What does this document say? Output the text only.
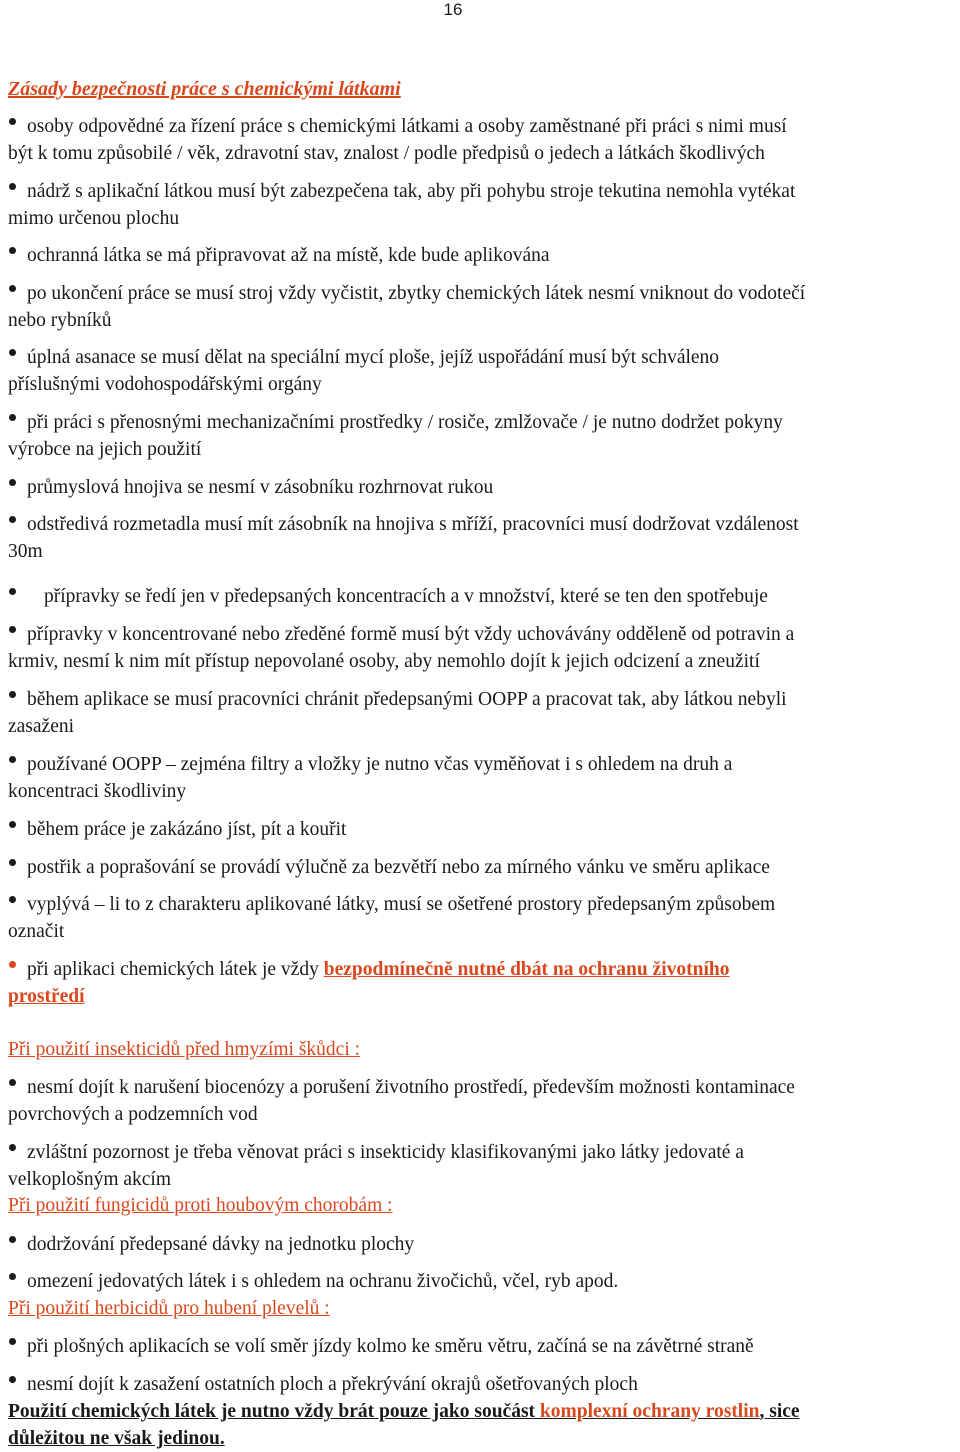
16
Zásady bezpečnosti práce s chemickými látkami
osoby odpovědné za řízení práce s chemickými látkami a osoby zaměstnané při práci s nimi musí
být k tomu způsobilé / věk, zdravotní stav, znalost / podle předpisů o jedech a látkách škodlivých
nádrž s aplikační látkou musí být zabezpečena tak, aby při pohybu stroje tekutina nemohla vytékat
mimo určenou plochu
ochranná látka se má připravovat až na místě, kde bude aplikována
po ukončení práce se musí stroj vždy vyčistit, zbytky chemických látek nesmí vniknout do vodotečí
nebo rybníků
úplná asanace se musí dělat na speciální mycí ploše, jejíž uspořádání musí být schváleno
příslušnými vodohospodářskými orgány
při práci s přenosnými mechanizačními prostředky / rosiče, zmlžovače / je nutno dodržet pokyny
výrobce na jejich použití
průmyslová hnojiva se nesmí v zásobníku rozhrnovat rukou
odstředivá rozmetadla musí mít zásobník na hnojiva s mříží, pracovníci musí dodržovat vzdálenost
30m
přípravky se ředí jen v předepsaných koncentracích a v množství, které se ten den spotřebuje
přípravky v koncentrované nebo zředěné formě musí být vždy uchovávány odděleně od potravin a
krmiv, nesmí k nim mít přístup nepovolané osoby, aby nemohlo dojít k jejich odcizení a zneužití
během aplikace se musí pracovníci chránit předepsanými OOPP a pracovat tak, aby látkou nebyli
zasaženi
používané OOPP – zejména filtry a vložky je nutno včas vyměňovat i s ohledem na druh a
koncentraci škodliviny
během práce je zakázáno jíst, pít a kouřit
postřik a poprašování se provádí výlučně za bezvětří nebo za mírného vánku ve směru aplikace
vyplývá – li to z charakteru aplikované látky, musí se ošetřené prostory předepsaným způsobem
označit
při aplikaci chemických látek je vždy bezpodmínečně nutné dbát na ochranu životního
prostředí
Při použití insekticidů před hmyzími škůdci :
nesmí dojít k narušení biocenózy a porušení životního prostředí, především možnosti kontaminace
povrchových a podzemních vod
zvláštní pozornost je třeba věnovat práci s insekticidy klasifikovanými jako látky jedovaté a
velkoplošným akcím
Při použití fungicidů proti houbovým chorobám :
dodržování předepsané dávky na jednotku plochy
omezení jedovatých látek i s ohledem na ochranu živočichů, včel, ryb apod.
Při použití herbicidů pro hubení plevelů :
při plošných aplikacích se volí směr jízdy kolmo ke směru větru, začíná se na závětrné straně
nesmí dojít k zasažení ostatních ploch a překrývání okrajů ošetřovaných ploch
Použití chemických látek je nutno vždy brát pouze jako součást komplexní ochrany rostlin, sice
důležitou ne však jedinou.
